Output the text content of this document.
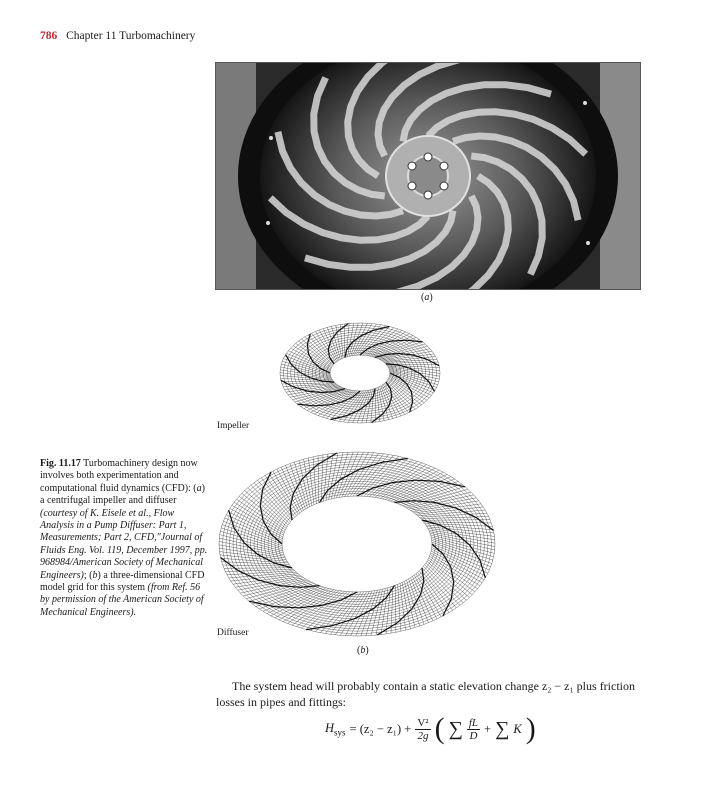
786 Chapter 11 Turbomachinery
(a)
Impeller
Diffuser
(b)
Fig. 11.17 Turbomachinery design now involves both experimentation and computational fluid dynamics (CFD): (a) a centrifugal impeller and diffuser (courtesy of K. Eisele et al., Flow Analysis in a Pump Diffuser: Part 1, Measurements; Part 2, CFD,"Journal of Fluids Eng. Vol. 119, December 1997, pp. 968984/American Society of Mechanical Engineers); (b) a three-dimensional CFD model grid for this system (from Ref. 56 by permission of the American Society of Mechanical Engineers).
The system head will probably contain a static elevation change z₂ − z₁ plus friction losses in pipes and fittings:
$H_{sys} = (z_2 - z_1) + \frac{\text{V²}}{2g}$ ( ∑ $\frac{fL}{D}$ + ∑ K )
